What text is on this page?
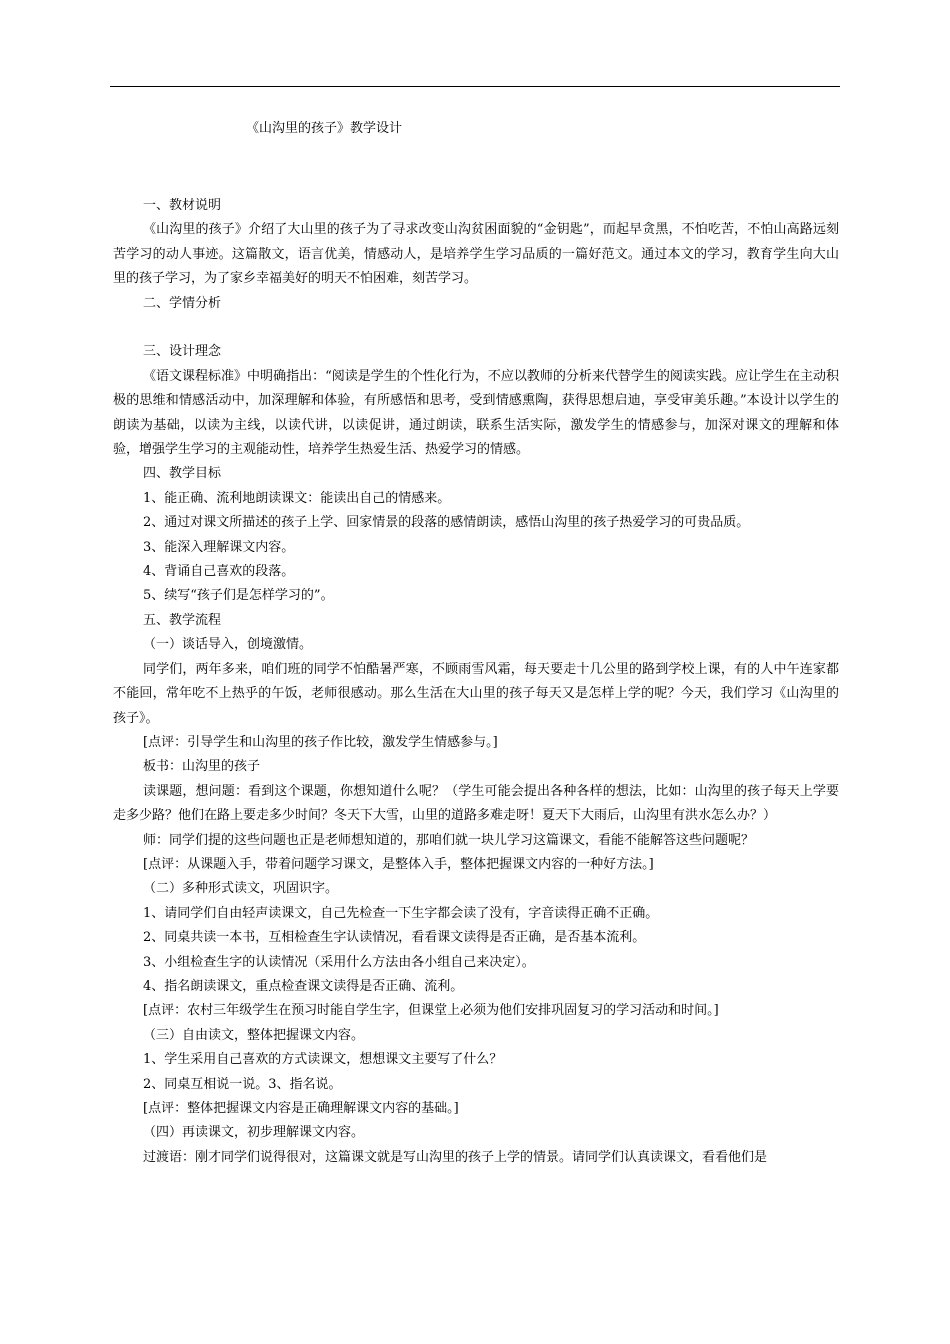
《山沟里的孩子》教学设计

一、教材说明

《山沟里的孩子》介绍了大山里的孩子为了寻求改变山沟贫困面貌的“金钥匙”，而起早贪黑，不怕吃苦，不怕山高路远刻苦学习的动人事迹。这篇散文，语言优美，情感动人，是培养学生学习品质的一篇好范文。通过本文的学习，教育学生向大山里的孩子学习，为了家乡幸福美好的明天不怕困难，刻苦学习。

二、学情分析

三、设计理念

《语文课程标准》中明确指出：“阅读是学生的个性化行为，不应以教师的分析来代替学生的阅读实践。应让学生在主动积极的思维和情感活动中，加深理解和体验，有所感悟和思考，受到情感熏陶，获得思想启迪，享受审美乐趣。”本设计以学生的朗读为基础，以读为主线，以读代讲，以读促讲，通过朗读，联系生活实际，激发学生的情感参与，加深对课文的理解和体验，增强学生学习的主观能动性，培养学生热爱生活、热爱学习的情感。

四、教学目标

1、能正确、流利地朗读课文：能读出自己的情感来。

2、通过对课文所描述的孩子上学、回家情景的段落的感情朗读，感悟山沟里的孩子热爱学习的可贵品质。

3、能深入理解课文内容。

4、背诵自己喜欢的段落。

5、续写“孩子们是怎样学习的”。

五、教学流程

（一）谈话导入，创境激情。

同学们，两年多来，咱们班的同学不怕酷暑严寒，不顾雨雪风霜，每天要走十几公里的路到学校上课，有的人中午连家都不能回，常年吃不上热乎的午饭，老师很感动。那么生活在大山里的孩子每天又是怎样上学的呢？今天，我们学习《山沟里的孩子》。

[点评：引导学生和山沟里的孩子作比较，激发学生情感参与。]

板书：山沟里的孩子

读课题，想问题：看到这个课题，你想知道什么呢？（学生可能会提出各种各样的想法，比如：山沟里的孩子每天上学要走多少路？他们在路上要走多少时间？冬天下大雪，山里的道路多难走呀！夏天下大雨后，山沟里有洪水怎么办？）

师：同学们提的这些问题也正是老师想知道的，那咱们就一块儿学习这篇课文，看能不能解答这些问题呢？

[点评：从课题入手，带着问题学习课文，是整体入手，整体把握课文内容的一种好方法。]

（二）多种形式读文，巩固识字。

1、请同学们自由轻声读课文，自己先检查一下生字都会读了没有，字音读得正确不正确。

2、同桌共读一本书，互相检查生字认读情况，看看课文读得是否正确，是否基本流利。

3、小组检查生字的认读情况（采用什么方法由各小组自己来决定）。

4、指名朗读课文，重点检查课文读得是否正确、流利。

[点评：农村三年级学生在预习时能自学生字，但课堂上必须为他们安排巩固复习的学习活动和时间。]

（三）自由读文，整体把握课文内容。

1、学生采用自己喜欢的方式读课文，想想课文主要写了什么？

2、同桌互相说一说。3、指名说。

[点评：整体把握课文内容是正确理解课文内容的基础。]

（四）再读课文，初步理解课文内容。

过渡语：刚才同学们说得很对，这篇课文就是写山沟里的孩子上学的情景。请同学们认真读课文，看看他们是
